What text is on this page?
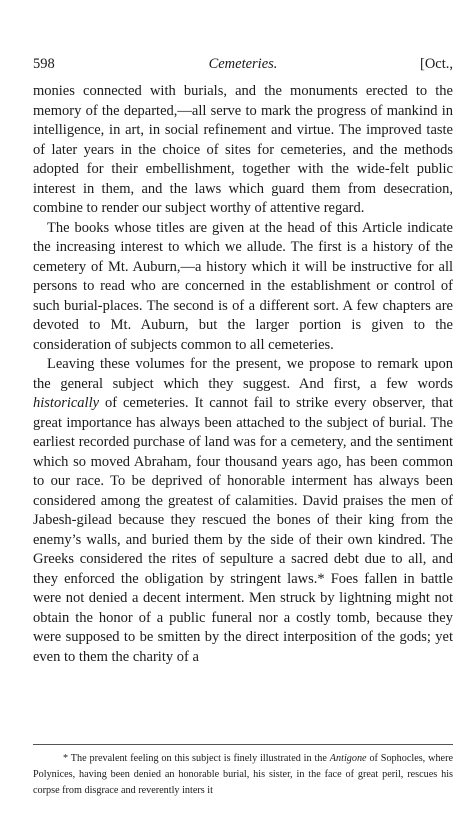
598	Cemeteries.	[Oct.,

monies connected with burials, and the monuments erected to the memory of the departed,—all serve to mark the progress of mankind in intelligence, in art, in social refinement and virtue. The improved taste of later years in the choice of sites for cemeteries, and the methods adopted for their embellishment, together with the wide-felt public interest in them, and the laws which guard them from desecration, combine to render our subject worthy of attentive regard.

The books whose titles are given at the head of this Article indicate the increasing interest to which we allude. The first is a history of the cemetery of Mt. Auburn,—a history which it will be instructive for all persons to read who are concerned in the establishment or control of such burial-places. The second is of a different sort. A few chapters are devoted to Mt. Auburn, but the larger portion is given to the consideration of subjects common to all cemeteries.

Leaving these volumes for the present, we propose to remark upon the general subject which they suggest. And first, a few words historically of cemeteries. It cannot fail to strike every observer, that great importance has always been attached to the subject of burial. The earliest recorded purchase of land was for a cemetery, and the sentiment which so moved Abraham, four thousand years ago, has been common to our race. To be deprived of honorable interment has always been considered among the greatest of calamities. David praises the men of Jabesh-gilead because they rescued the bones of their king from the enemy’s walls, and buried them by the side of their own kindred. The Greeks considered the rites of sepulture a sacred debt due to all, and they enforced the obligation by stringent laws.* Foes fallen in battle were not denied a decent interment. Men struck by lightning might not obtain the honor of a public funeral nor a costly tomb, because they were supposed to be smitten by the direct interposition of the gods; yet even to them the charity of a

* The prevalent feeling on this subject is finely illustrated in the Antigone of Sophocles, where Polynices, having been denied an honorable burial, his sister, in the face of great peril, rescues his corpse from disgrace and reverently inters it
